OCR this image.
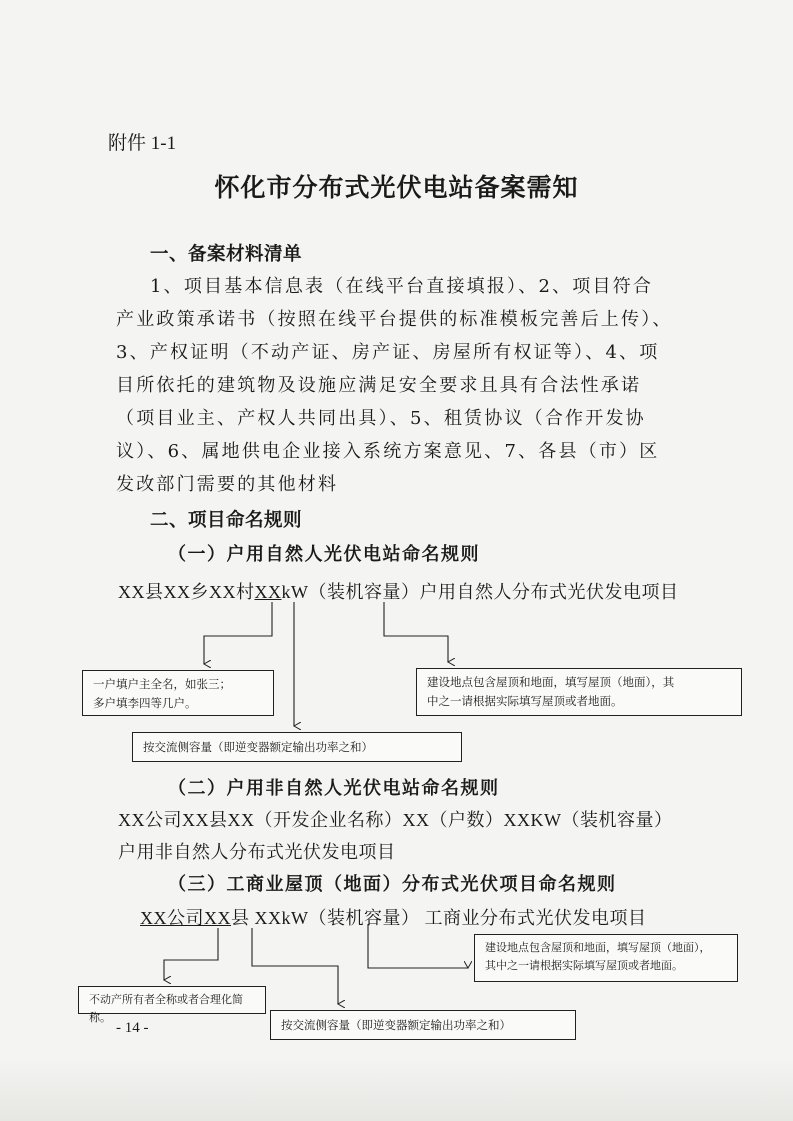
附件 1-1
怀化市分布式光伏电站备案需知
一、备案材料清单
1、项目基本信息表（在线平台直接填报）、2、项目符合
产业政策承诺书（按照在线平台提供的标准模板完善后上传）、
3、产权证明（不动产证、房产证、房屋所有权证等）、4、项
目所依托的建筑物及设施应满足安全要求且具有合法性承诺
（项目业主、产权人共同出具）、5、租赁协议（合作开发协
议）、6、属地供电企业接入系统方案意见、7、各县（市）区
发改部门需要的其他材料
二、项目命名规则
（一）户用自然人光伏电站命名规则
XX县XX乡XX村XXkW（装机容量）户用自然人分布式光伏发电项目
一户填户主全名，如张三；
多户填李四等几户。
建设地点包含屋顶和地面，填写屋顶（地面），其
中之一请根据实际填写屋顶或者地面。
按交流侧容量（即逆变器额定输出功率之和）
（二）户用非自然人光伏电站命名规则
XX公司XX县XX（开发企业名称）XX（户数）XXKW（装机容量）
户用非自然人分布式光伏发电项目
（三）工商业屋顶（地面）分布式光伏项目命名规则
XX公司XX县 XXkW（装机容量） 工商业分布式光伏发电项目
建设地点包含屋顶和地面，填写屋顶（地面），
其中之一请根据实际填写屋顶或者地面。
不动产所有者全称或者合理化简称。
按交流侧容量（即逆变器额定输出功率之和）
- 14 -
